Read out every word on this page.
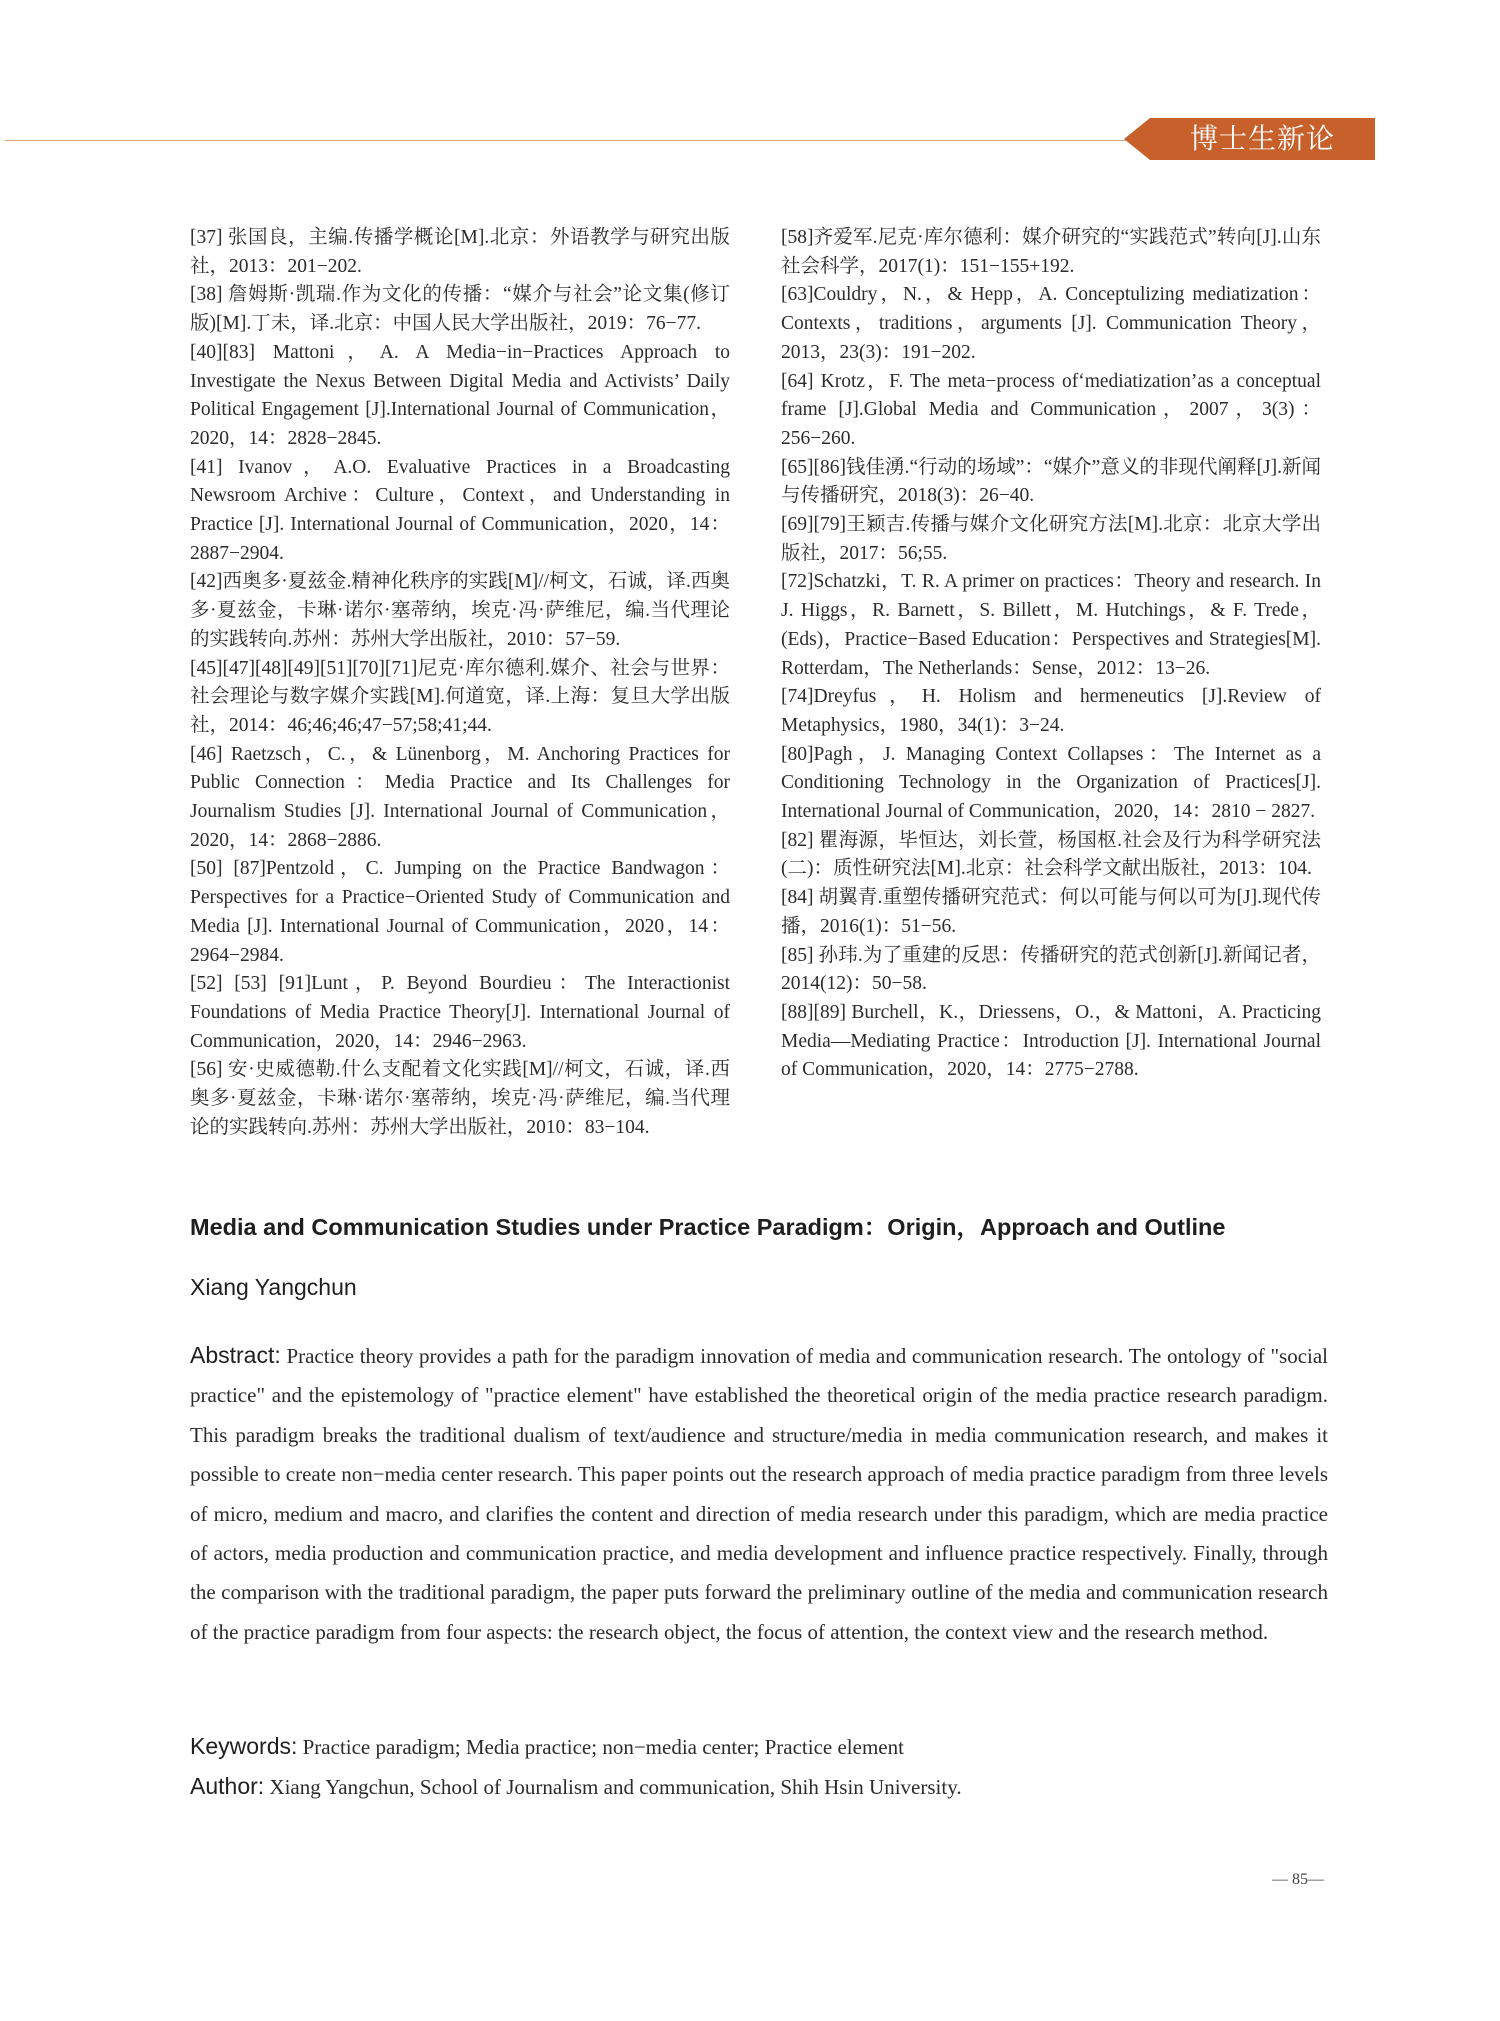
博士生新论

[37] 张国良，主编.传播学概论[M].北京：外语教学与研究出版社，2013：201−202.

[38] 詹姆斯·凯瑞.作为文化的传播：“媒介与社会”论文集(修订版)[M].丁未，译.北京：中国人民大学出版社，2019：76−77.

[40][83] Mattoni，A. A Media−in−Practices Approach to Investigate the Nexus Between Digital Media and Activists’ Daily Political Engagement [J].International Journal of Communication，2020，14：2828−2845.

[41] Ivanov，A.O. Evaluative Practices in a Broadcasting Newsroom Archive：Culture，Context，and Understanding in Practice [J]. International Journal of Communication，2020，14：2887−2904.

[42]西奥多·夏兹金.精神化秩序的实践[M]//柯文，石诚，译.西奥多·夏兹金，卡琳·诺尔·塞蒂纳，埃克·冯·萨维尼，编.当代理论的实践转向.苏州：苏州大学出版社，2010：57−59.

[45][47][48][49][51][70][71]尼克·库尔德利.媒介、社会与世界：社会理论与数字媒介实践[M].何道宽，译.上海：复旦大学出版社，2014：46;46;46;47−57;58;41;44.

[46] Raetzsch，C.，& Lünenborg，M. Anchoring Practices for Public Connection：Media Practice and Its Challenges for Journalism Studies [J]. International Journal of Communication，2020，14：2868−2886.

[50] [87]Pentzold，C. Jumping on the Practice Bandwagon：Perspectives for a Practice−Oriented Study of Communication and Media [J]. International Journal of Communication，2020，14：2964−2984.

[52] [53] [91]Lunt，P. Beyond Bourdieu：The Interactionist Foundations of Media Practice Theory[J]. International Journal of Communication，2020，14：2946−2963.

[56] 安·史威德勒.什么支配着文化实践[M]//柯文，石诚，译.西奥多·夏兹金，卡琳·诺尔·塞蒂纳，埃克·冯·萨维尼，编.当代理论的实践转向.苏州：苏州大学出版社，2010：83−104.

[58]齐爱军.尼克·库尔德利：媒介研究的“实践范式”转向[J].山东社会科学，2017(1)：151−155+192.

[63]Couldry，N.，& Hepp，A. Conceptulizing mediatization：Contexts，traditions，arguments [J]. Communication Theory，2013，23(3)：191−202.

[64] Krotz，F. The meta−process of‘mediatization’as a conceptual frame [J].Global Media and Communication，2007，3(3)：256−260.

[65][86]钱佳湧.“行动的场域”：“媒介”意义的非现代阐释[J].新闻与传播研究，2018(3)：26−40.

[69][79]王颖吉.传播与媒介文化研究方法[M].北京：北京大学出版社，2017：56;55.

[72]Schatzki，T. R. A primer on practices：Theory and research. In J. Higgs，R. Barnett，S. Billett，M. Hutchings，& F. Trede，(Eds)，Practice−Based Education：Perspectives and Strategies[M]. Rotterdam，The Netherlands：Sense，2012：13−26.

[74]Dreyfus，H. Holism and hermeneutics [J].Review of Metaphysics，1980，34(1)：3−24.

[80]Pagh，J. Managing Context Collapses：The Internet as a Conditioning Technology in the Organization of Practices[J]. International Journal of Communication，2020，14：2810 − 2827.

[82] 瞿海源，毕恒达，刘长萱，杨国枢.社会及行为科学研究法(二)：质性研究法[M].北京：社会科学文献出版社，2013：104.

[84] 胡翼青.重塑传播研究范式：何以可能与何以可为[J].现代传播，2016(1)：51−56.

[85] 孙玮.为了重建的反思：传播研究的范式创新[J].新闻记者，2014(12)：50−58.

[88][89] Burchell，K.，Driessens，O.，& Mattoni，A. Practicing Media—Mediating Practice：Introduction [J]. International Journal of Communication，2020，14：2775−2788.

Media and Communication Studies under Practice Paradigm：Origin，Approach and Outline
Xiang Yangchun

Abstract: Practice theory provides a path for the paradigm innovation of media and communication research. The ontology of "social practice" and the epistemology of "practice element" have established the theoretical origin of the media practice research paradigm. This paradigm breaks the traditional dualism of text/audience and structure/media in media communication research, and makes it possible to create non−media center research. This paper points out the research approach of media practice paradigm from three levels of micro, medium and macro, and clarifies the content and direction of media research under this paradigm, which are media practice of actors, media production and communication practice, and media development and influence practice respectively. Finally, through the comparison with the traditional paradigm, the paper puts forward the preliminary outline of the media and communication research of the practice paradigm from four aspects: the research object, the focus of attention, the context view and the research method.

Keywords: Practice paradigm; Media practice; non−media center; Practice element

Author: Xiang Yangchun, School of Journalism and communication, Shih Hsin University.

— 85—
